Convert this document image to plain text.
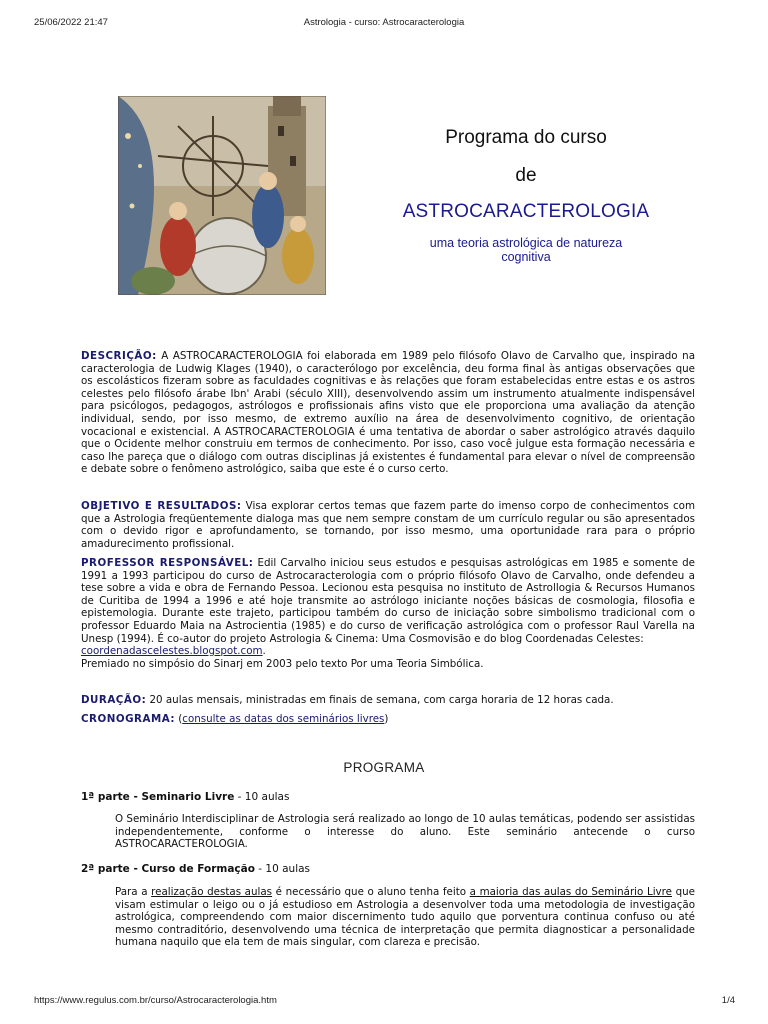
Astrologia - curso: Astrocaracterologia
25/06/2022 21:47
Programa do curso
de
ASTROCARACTEROLOGIA
uma teoria astrológica de natureza cognitiva
DESCRIÇÃO: A ASTROCARACTEROLOGIA foi elaborada em 1989 pelo filósofo Olavo de Carvalho que, inspirado na caracterologia de Ludwig Klages (1940), o caracterólogo por excelência, deu forma final às antigas observações que os escolásticos fizeram sobre as faculdades cognitivas e às relações que foram estabelecidas entre estas e os astros celestes pelo filósofo árabe Ibn' Arabi (século XIII), desenvolvendo assim um instrumento atualmente indispensável para psicólogos, pedagogos, astrólogos e profissionais afins visto que ele proporciona uma avaliação da atenção individual, sendo, por isso mesmo, de extremo auxílio na área de desenvolvimento cognitivo, de orientação vocacional e existencial. A ASTROCARACTEROLOGIA é uma tentativa de abordar o saber astrológico através daquilo que o Ocidente melhor construiu em termos de conhecimento. Por isso, caso você julgue esta formação necessária e caso lhe pareça que o diálogo com outras disciplinas já existentes é fundamental para elevar o nível de compreensão e debate sobre o fenômeno astrológico, saiba que este é o curso certo.
OBJETIVO E RESULTADOS: Visa explorar certos temas que fazem parte do imenso corpo de conhecimentos com que a Astrologia freqüentemente dialoga mas que nem sempre constam de um currículo regular ou são apresentados com o devido rigor e aprofundamento, se tornando, por isso mesmo, uma oportunidade rara para o próprio amadurecimento profissional.
PROFESSOR RESPONSÁVEL: Edil Carvalho iniciou seus estudos e pesquisas astrológicas em 1985 e somente de 1991 a 1993 participou do curso de Astrocaracterologia com o próprio filósofo Olavo de Carvalho, onde defendeu a tese sobre a vida e obra de Fernando Pessoa. Lecionou esta pesquisa no instituto de Astrollogia & Recursos Humanos de Curitiba de 1994 a 1996 e até hoje transmite ao astrólogo iniciante noções básicas de cosmologia, filosofia e epistemologia. Durante este trajeto, participou também do curso de iniciação sobre simbolismo tradicional com o professor Eduardo Maia na Astrocientia (1985) e do curso de verificação astrológica com o professor Raul Varella na Unesp (1994). É co-autor do projeto Astrologia & Cinema: Uma Cosmovisão e do blog Coordenadas Celestes:
coordenadascelestes.blogspot.com.
Premiado no simpósio do Sinarj em 2003 pelo texto Por uma Teoria Simbólica.
DURAÇÃO: 20 aulas mensais, ministradas em finais de semana, com carga horaria de 12 horas cada.
CRONOGRAMA: (consulte as datas dos seminários livres)
PROGRAMA
1ª parte - Seminario Livre - 10 aulas
O Seminário Interdisciplinar de Astrologia será realizado ao longo de 10 aulas temáticas, podendo ser assistidas independentemente, conforme o interesse do aluno. Este seminário antecende o curso ASTROCARACTEROLOGIA.
2ª parte - Curso de Formação - 10 aulas
Para a realização destas aulas é necessário que o aluno tenha feito a maioria das aulas do Seminário Livre que visam estimular o leigo ou o já estudioso em Astrologia a desenvolver toda uma metodologia de investigação astrológica, compreendendo com maior discernimento tudo aquilo que porventura continua confuso ou até mesmo contraditório, desenvolvendo uma técnica de interpretação que permita diagnosticar a personalidade humana naquilo que ela tem de mais singular, com clareza e precisão.
https://www.regulus.com.br/curso/Astrocaracterologia.htm	1/4
